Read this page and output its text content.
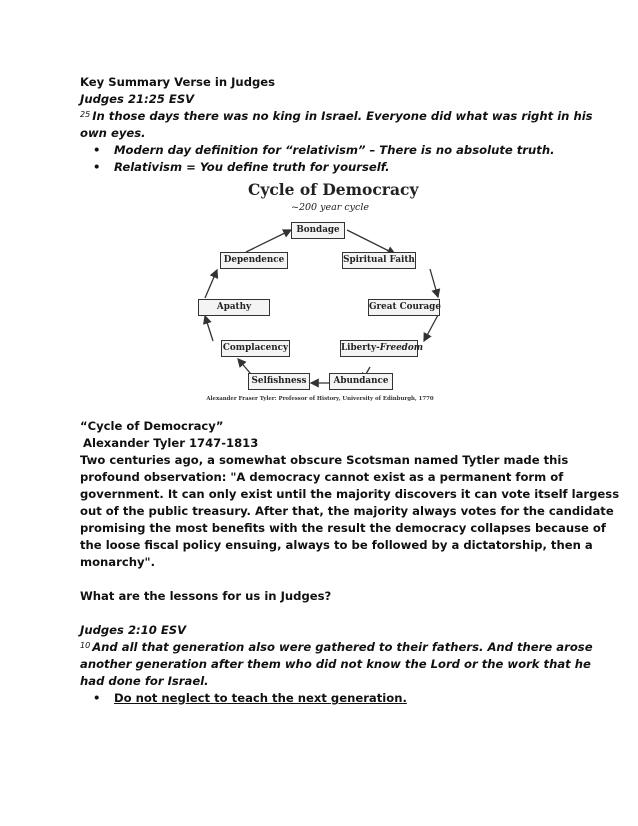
Key Summary Verse in Judges
Judges 21:25 ESV
$^{25}$ In those days there was no king in Israel. Everyone did what was right in his
own eyes.
• Modern day definition for “relativism” – There is no absolute truth.
• Relativism = You define truth for yourself.
Cycle of Democracy
~200 year cycle
Bondage
Spiritual Faith
Great Courage
Liberty-Freedom
Abundance
Selfishness
Complacency
Apathy
Dependence
Alexander Fraser Tyler: Professor of History, University of Edinburgh, 1770
“Cycle of Democracy”
Alexander Tyler 1747-1813
Two centuries ago, a somewhat obscure Scotsman named Tytler made this
profound observation: "A democracy cannot exist as a permanent form of
government. It can only exist until the majority discovers it can vote itself largess
out of the public treasury. After that, the majority always votes for the candidate
promising the most benefits with the result the democracy collapses because of
the loose fiscal policy ensuing, always to be followed by a dictatorship, then a
monarchy".
What are the lessons for us in Judges?
Judges 2:10 ESV
$^{10}$ And all that generation also were gathered to their fathers. And there arose
another generation after them who did not know the Lord or the work that he
had done for Israel.
• Do not neglect to teach the next generation.
